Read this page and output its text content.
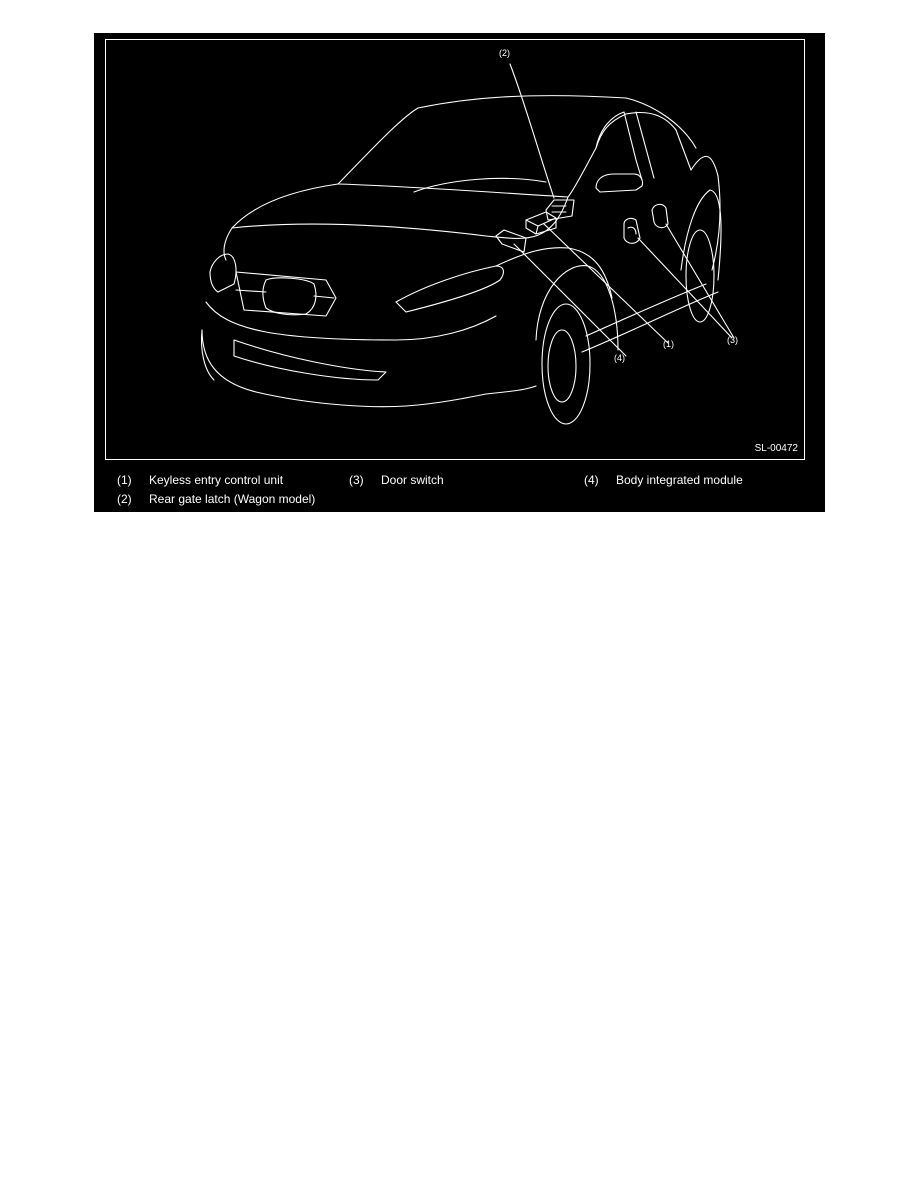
(2)
(1)
(4)
(3)
SL-00472
(1) Keyless entry control unit
(2) Rear gate latch (Wagon model)
(3) Door switch	(4) Body integrated module
